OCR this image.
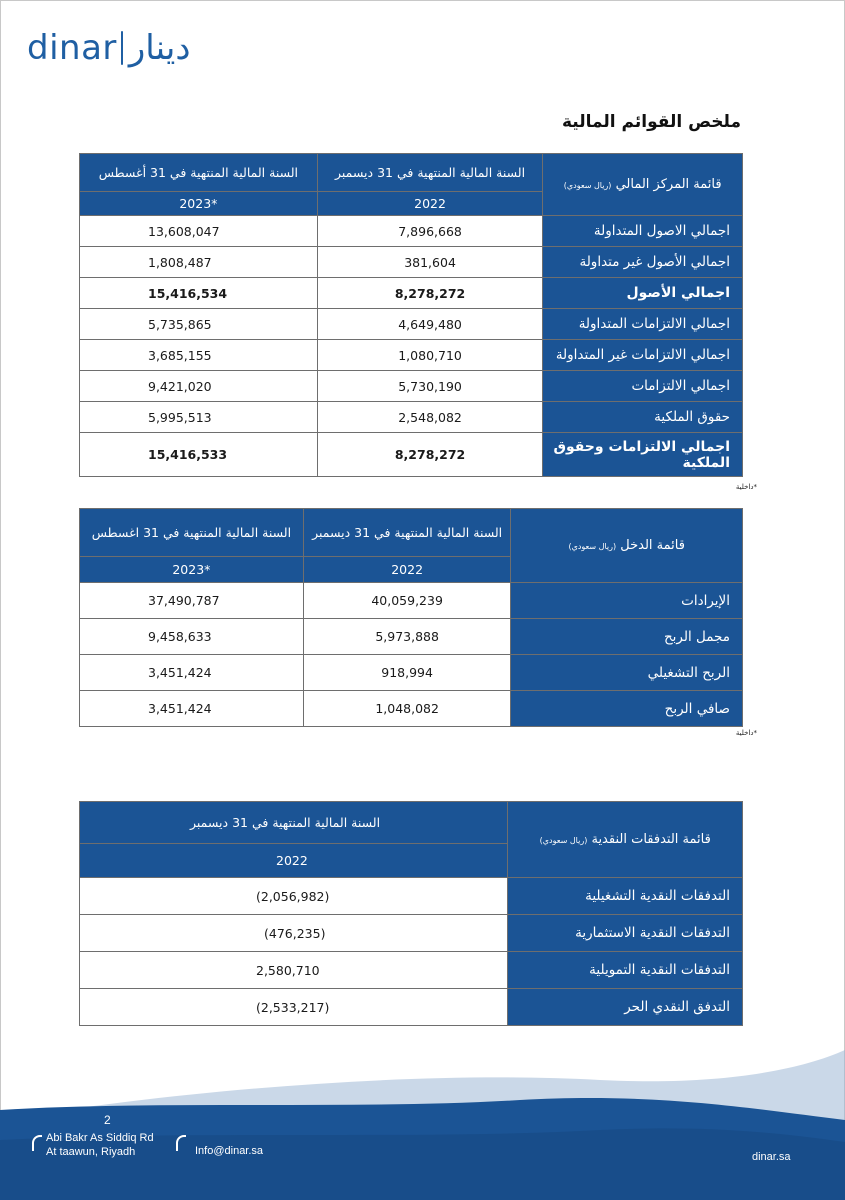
dinar دينار
ملخص القوائم المالية
قائمة المركز المالي (ريال سعودي)	السنة المالية المنتهية في 31 ديسمبر	السنة المالية المنتهية في 31 أغسطس
	2022	*2023
اجمالي الاصول المتداولة	7,896,668	13,608,047
اجمالي الأصول غير متداولة	381,604	1,808,487
اجمالي الأصول	8,278,272	15,416,534
اجمالي الالتزامات المتداولة	4,649,480	5,735,865
اجمالي الالتزامات غير المتداولة	1,080,710	3,685,155
اجمالي الالتزامات	5,730,190	9,421,020
حقوق الملكية	2,548,082	5,995,513
اجمالي الالتزامات وحقوق الملكية	8,278,272	15,416,533
*داخلية
قائمة الدخل (ريال سعودي)	السنة المالية المنتهية في 31 ديسمبر	السنة المالية المنتهية في 31 اغسطس
	2022	*2023
الإيرادات	40,059,239	37,490,787
مجمل الربح	5,973,888	9,458,633
الربح التشغيلي	918,994	3,451,424
صافي الربح	1,048,082	3,451,424
*داخلية
قائمة التدفقات النقدية (ريال سعودي)	السنة المالية المنتهية في 31 ديسمبر
	2022
التدفقات النقدية التشغيلية	(2,056,982)
التدفقات النقدية الاستثمارية	(476,235)
التدفقات النقدية التمويلية	2,580,710
التدفق النقدي الحر	(2,533,217)
2
Abi Bakr As Siddiq Rd
At taawun, Riyadh	Info@dinar.sa	dinar.sa
